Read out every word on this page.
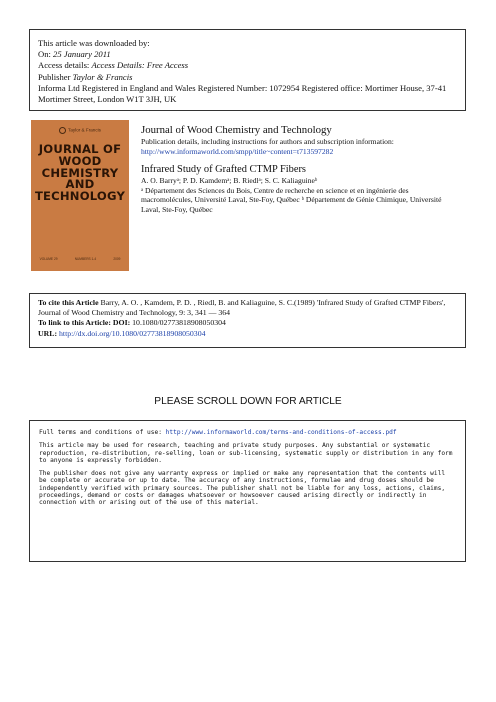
This article was downloaded by:
On: 25 January 2011
Access details: Access Details: Free Access
Publisher Taylor & Francis
Informa Ltd Registered in England and Wales Registered Number: 1072954 Registered office: Mortimer House, 37-41 Mortimer Street, London W1T 3JH, UK
Taylor & Francis
JOURNAL OF
WOOD
CHEMISTRY
AND
TECHNOLOGY
VOLUME 29	NUMBERS 1-4	2009
Journal of Wood Chemistry and Technology
Publication details, including instructions for authors and subscription information:
http://www.informaworld.com/smpp/title~content=t713597282
Infrared Study of Grafted CTMP Fibers
A. O. Barryᵃ; P. D. Kamdemᵃ; B. Riedlᵃ; S. C. Kaliaguineᵇ
ᵃ Département des Sciences du Bois, Centre de recherche en science et en ingénierie des macromolécules, Université Laval, Ste-Foy, Québec ᵇ Département de Génie Chimique, Université Laval, Ste-Foy, Québec
To cite this Article Barry, A. O. , Kamdem, P. D. , Riedl, B. and Kaliaguine, S. C.(1989) 'Infrared Study of Grafted CTMP Fibers', Journal of Wood Chemistry and Technology, 9: 3, 341 — 364
To link to this Article: DOI: 10.1080/02773818908050304
URL: http://dx.doi.org/10.1080/02773818908050304
PLEASE SCROLL DOWN FOR ARTICLE

Full terms and conditions of use: http://www.informaworld.com/terms-and-conditions-of-access.pdf

This article may be used for research, teaching and private study purposes. Any substantial or systematic reproduction, re-distribution, re-selling, loan or sub-licensing, systematic supply or distribution in any form to anyone is expressly forbidden.

The publisher does not give any warranty express or implied or make any representation that the contents will be complete or accurate or up to date. The accuracy of any instructions, formulae and drug doses should be independently verified with primary sources. The publisher shall not be liable for any loss, actions, claims, proceedings, demand or costs or damages whatsoever or howsoever caused arising directly or indirectly in connection with or arising out of the use of this material.
